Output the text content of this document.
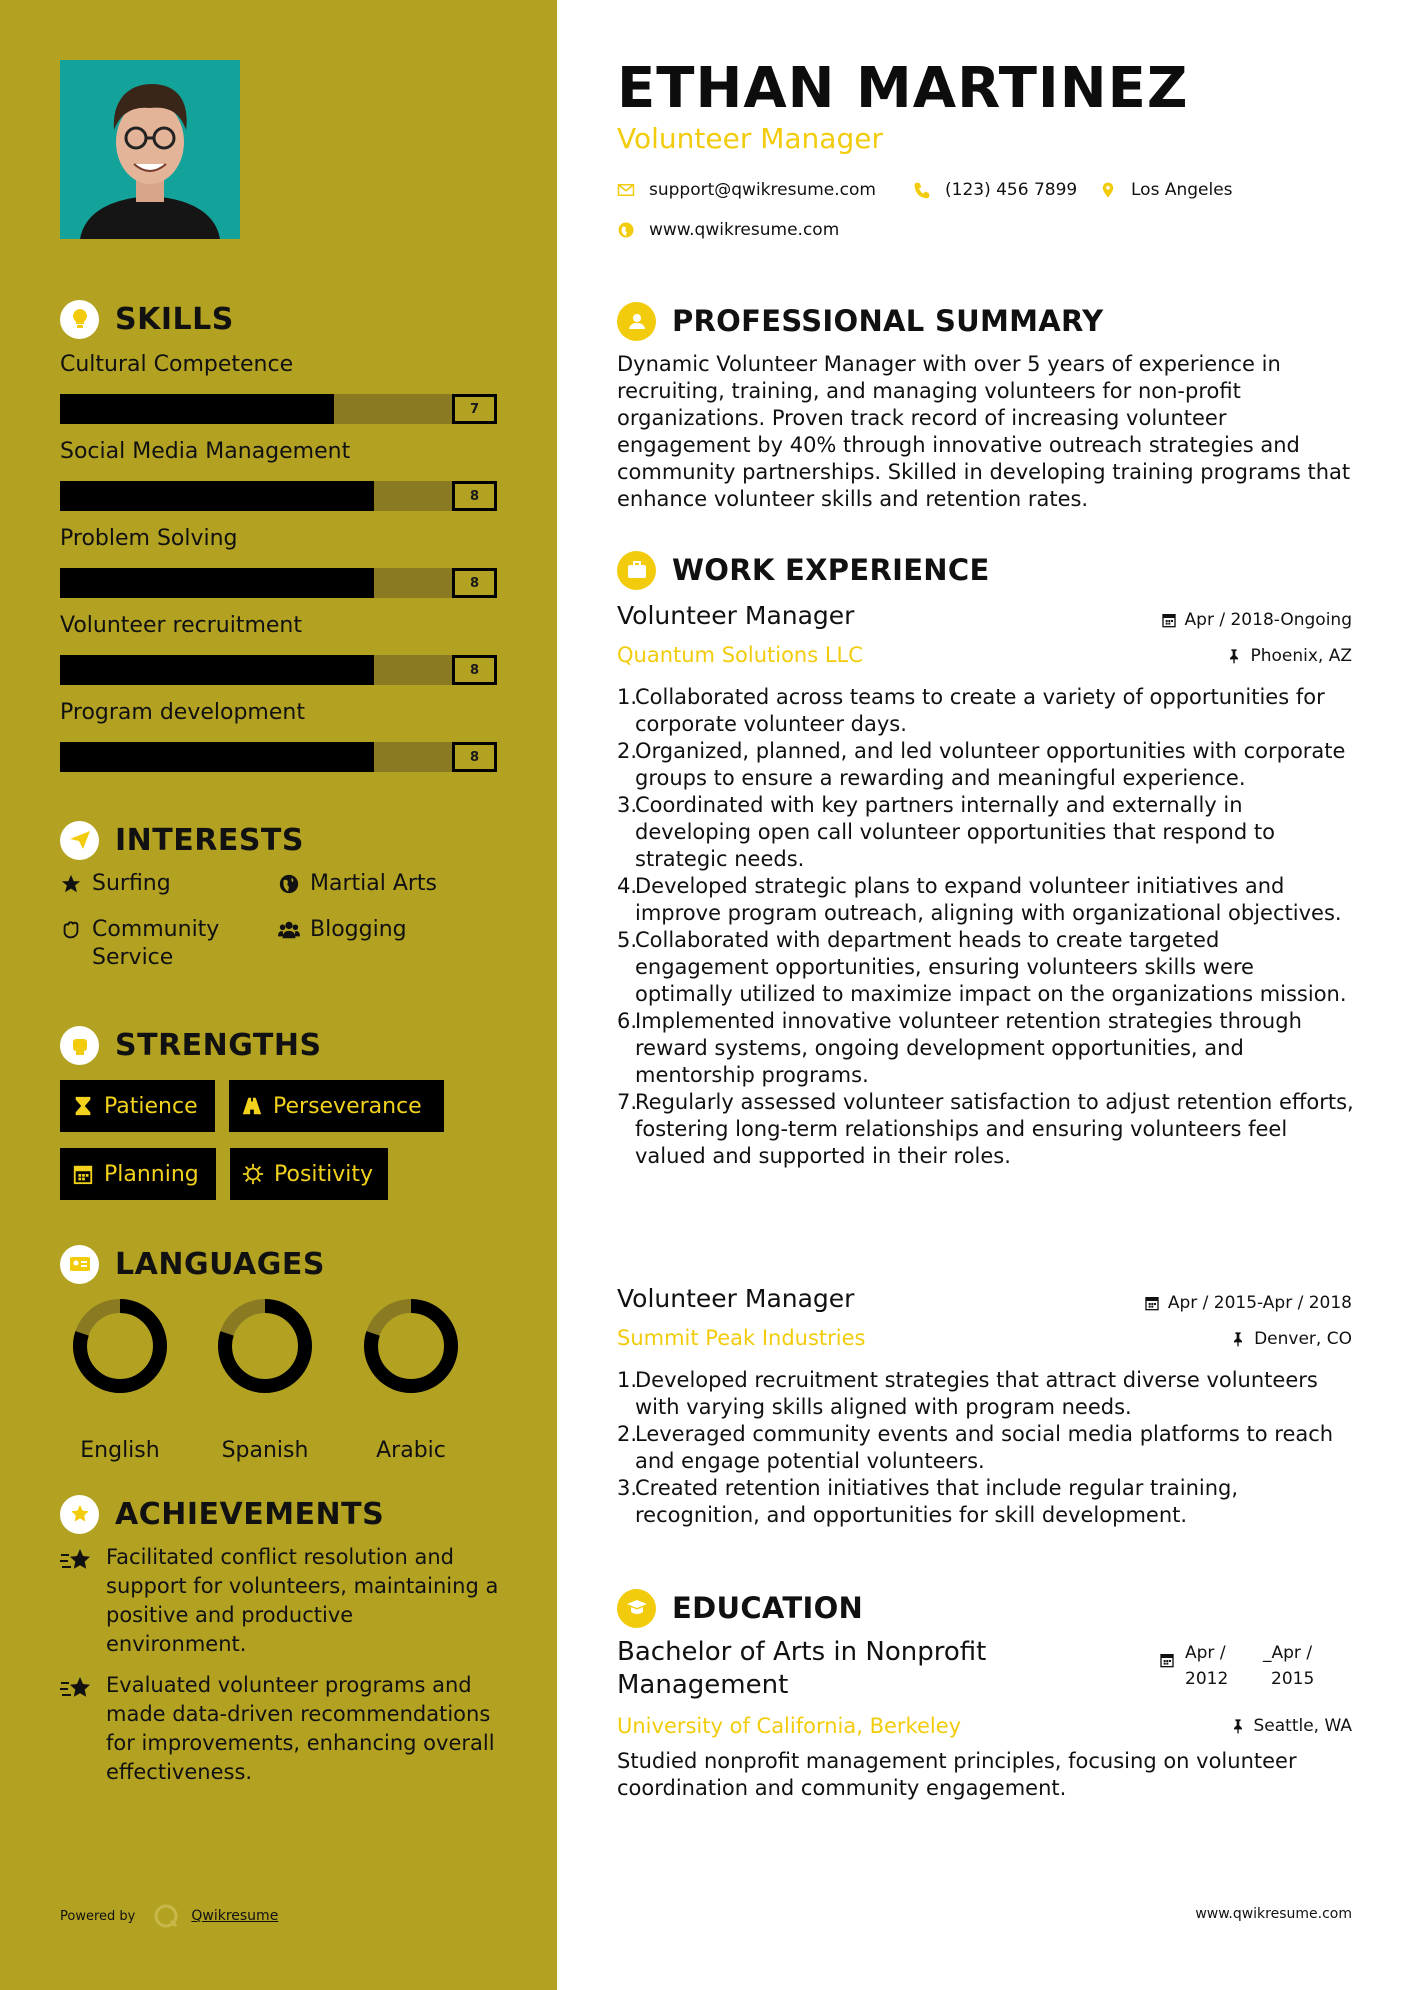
SKILLS
Cultural Competence
7
Social Media Management
8
Problem Solving
8
Volunteer recruitment
8
Program development
8
INTERESTS
Surfing	Martial Arts
Community Service
Blogging
STRENGTHS
Patience	Perseverance
Planning	Positivity
LANGUAGES
English	Spanish	Arabic
ACHIEVEMENTS
Facilitated conflict resolution and support for volunteers, maintaining a positive and productive environment.
Evaluated volunteer programs and made data-driven recommendations for improvements, enhancing overall effectiveness.
Powered by	Qwikresume
ETHAN MARTINEZ
Volunteer Manager
support@qwikresume.com	(123) 456 7899	Los Angeles
www.qwikresume.com
PROFESSIONAL SUMMARY
Dynamic Volunteer Manager with over 5 years of experience in recruiting, training, and managing volunteers for non-profit organizations. Proven track record of increasing volunteer engagement by 40% through innovative outreach strategies and community partnerships. Skilled in developing training programs that enhance volunteer skills and retention rates.
WORK EXPERIENCE
Volunteer Manager
Quantum Solutions LLC
Apr / 2018-Ongoing
Phoenix, AZ
1.
Collaborated across teams to create a variety of opportunities for corporate volunteer days.
2.
Organized, planned, and led volunteer opportunities with corporate groups to ensure a rewarding and meaningful experience.
3.
Coordinated with key partners internally and externally in developing open call volunteer opportunities that respond to strategic needs.
4.
Developed strategic plans to expand volunteer initiatives and improve program outreach, aligning with organizational objectives.
5.
Collaborated with department heads to create targeted engagement opportunities, ensuring volunteers skills were optimally utilized to maximize impact on the organizations mission.
6.
Implemented innovative volunteer retention strategies through reward systems, ongoing development opportunities, and mentorship programs.
7.
Regularly assessed volunteer satisfaction to adjust retention efforts, fostering long-term relationships and ensuring volunteers feel valued and supported in their roles.
Volunteer Manager
Summit Peak Industries
Apr / 2015-Apr / 2018
Denver, CO
1.
Developed recruitment strategies that attract diverse volunteers with varying skills aligned with program needs.
2.
Leveraged community events and social media platforms to reach and engage potential volunteers.
3.
Created retention initiatives that include regular training, recognition, and opportunities for skill development.
EDUCATION
Bachelor of Arts in Nonprofit Management
University of California, Berkeley
Apr /
2012
_Apr /
2015
Seattle, WA
Studied nonprofit management principles, focusing on volunteer coordination and community engagement.
www.qwikresume.com
